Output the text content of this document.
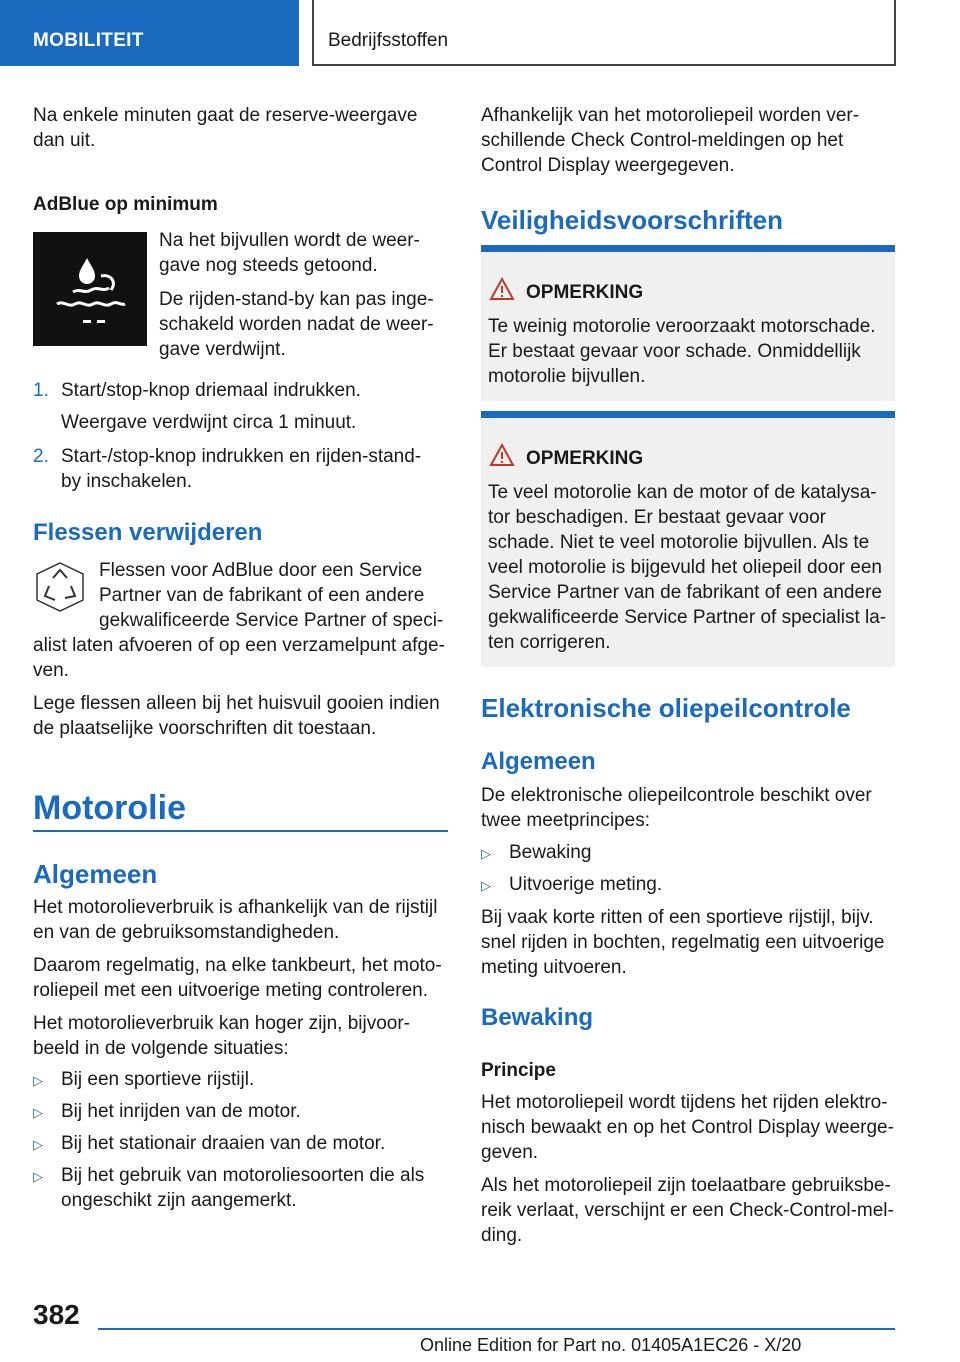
MOBILITEIT	Bedrijfsstoffen

Na enkele minuten gaat de reserve-weergave

dan uit.

AdBlue op minimum

Na het bijvullen wordt de weer-

gave nog steeds getoond.

De rijden-stand-by kan pas inge-

schakeld worden nadat de weer-

gave verdwijnt.

1. Start/stop-knop driemaal indrukken.

Weergave verdwijnt circa 1 minuut.

2. Start-/stop-knop indrukken en rijden-stand-

by inschakelen.

Flessen verwijderen

Flessen voor AdBlue door een Service

Partner van de fabrikant of een andere

gekwalificeerde Service Partner of speci-

alist laten afvoeren of op een verzamelpunt afge-

ven.

Lege flessen alleen bij het huisvuil gooien indien

de plaatselijke voorschriften dit toestaan.

Motorolie
Algemeen

Het motorolieverbruik is afhankelijk van de rijstijl

en van de gebruiksomstandigheden.

Daarom regelmatig, na elke tankbeurt, het moto-

roliepeil met een uitvoerige meting controleren.

Het motorolieverbruik kan hoger zijn, bijvoor-

beeld in de volgende situaties:

▷ Bij een sportieve rijstijl.

▷ Bij het inrijden van de motor.

▷ Bij het stationair draaien van de motor.

▷ Bij het gebruik van motoroliesoorten die als

ongeschikt zijn aangemerkt.

Afhankelijk van het motoroliepeil worden ver-

schillende Check Control-meldingen op het

Control Display weergegeven.

Veiligheidsvoorschriften
OPMERKING

Te weinig motorolie veroorzaakt motorschade.

Er bestaat gevaar voor schade. Onmiddellijk

motorolie bijvullen.

OPMERKING

Te veel motorolie kan de motor of de katalysa-

tor beschadigen. Er bestaat gevaar voor

schade. Niet te veel motorolie bijvullen. Als te

veel motorolie is bijgevuld het oliepeil door een

Service Partner van de fabrikant of een andere

gekwalificeerde Service Partner of specialist la-

ten corrigeren.

Elektronische oliepeilcontrole
Algemeen

De elektronische oliepeilcontrole beschikt over

twee meetprincipes:

▷ Bewaking

▷ Uitvoerige meting.

Bij vaak korte ritten of een sportieve rijstijl, bijv.

snel rijden in bochten, regelmatig een uitvoerige

meting uitvoeren.

Bewaking
Principe

Het motoroliepeil wordt tijdens het rijden elektro-

nisch bewaakt en op het Control Display weerge-

geven.

Als het motoroliepeil zijn toelaatbare gebruiksbe-

reik verlaat, verschijnt er een Check-Control-mel-

ding.

382
Online Edition for Part no. 01405A1EC26 - X/20
